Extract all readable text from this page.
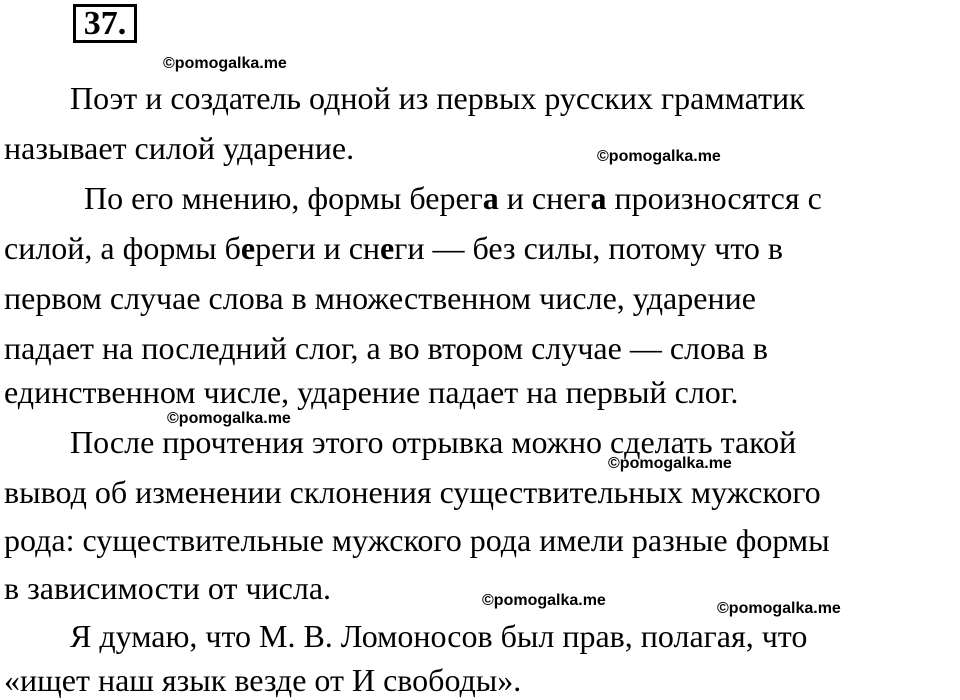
37.
©pomogalka.me
©pomogalka.me
©pomogalka.me
©pomogalka.me
©pomogalka.me	©pomogalka.me
Поэт и создатель одной из первых русских грамматик
называет силой ударение.
По его мнению, формы берега и снега произносятся с
силой, а формы береги и снеги — без силы, потому что в
первом случае слова в множественном числе, ударение
падает на последний слог, а во втором случае — слова в
единственном числе, ударение падает на первый слог.
После прочтения этого отрывка можно сделать такой
вывод об изменении склонения существительных мужского
рода: существительные мужского рода имели разные формы
в зависимости от числа.
Я думаю, что М. В. Ломоносов был прав, полагая, что
«ищет наш язык везде от И свободы».
